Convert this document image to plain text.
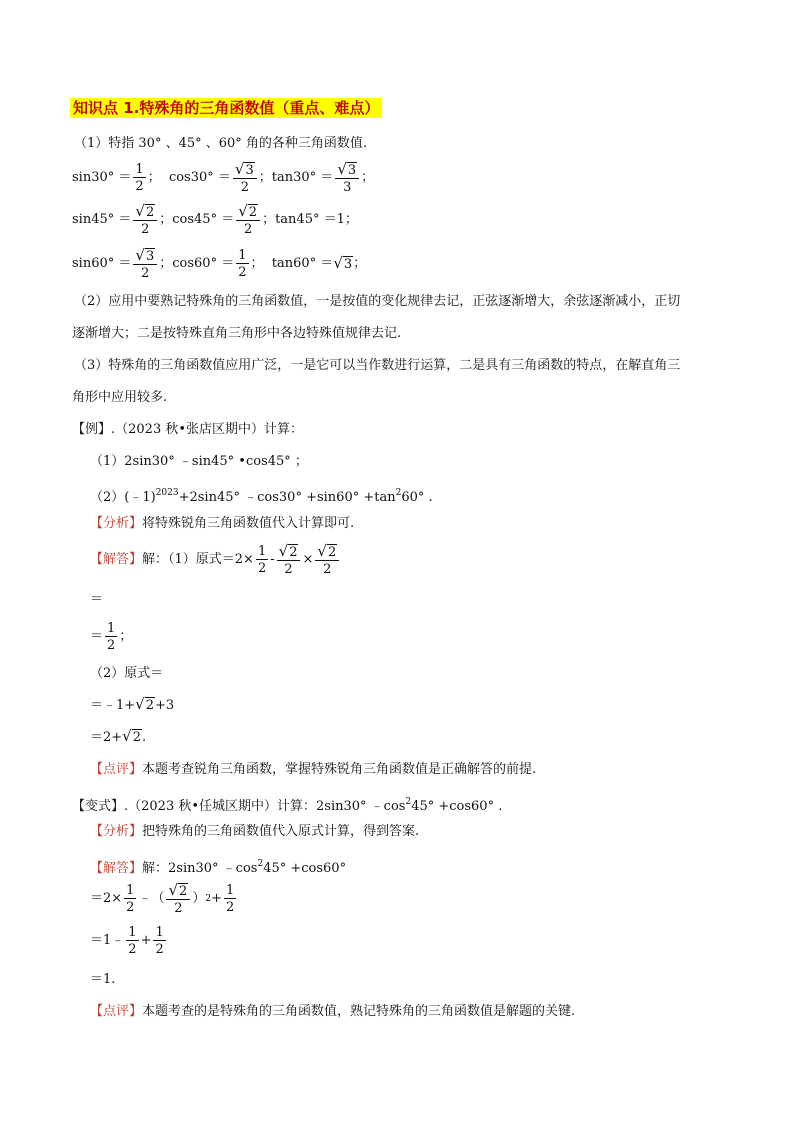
知识点 1.特殊角的三角函数值（重点、难点）
（1）特指 30° 、45° 、60° 角的各种三角函数值.
$\sin 30^\circ = \frac{1}{2}$ ；
$\cos 30^\circ = \frac{√3}{2}$ ； $\tan 30^\circ = \frac{√3}{3}$ ；
$\sin 45^\circ = \frac{√2}{2}$ ； $\cos 45^\circ = \frac{√2}{2}$ ； tan45° ＝1；
$\sin 60^\circ = \frac{√3}{2}$ ； $\cos 60^\circ = \frac{1}{2}$ ；
tan60° ＝ √3 ；
（2）应用中要熟记特殊角的三角函数值，一是按值的变化规律去记，正弦逐渐增大，余弦逐渐减小，正切
逐渐增大；二是按特殊直角三角形中各边特殊值规律去记.
（3）特殊角的三角函数值应用广泛，一是它可以当作数进行运算，二是具有三角函数的特点，在解直角三
角形中应用较多.
【例】.（2023 秋•张店区期中）计算：
（1）2sin30° ﹣sin45° •cos45° ；
（2）(﹣1)$^{2023}$+2sin45° ﹣cos30° $+\sin 60^\circ +\tan^260^\circ$ .
【分析】将特殊锐角三角函数值代入计算即可.
【解答】 解：（1）原式$=2\times \frac{1}{2} - \frac{√2}{2} \times \frac{√2}{2}$
＝
＝ $\frac{1}{2}$ ；
（2）原式＝
＝﹣1+√2+3
＝2+√2.
【点评】本题考查锐角三角函数，掌握特殊锐角三角函数值是正确解答的前提.
【变式】.（2023 秋•任城区期中）计算：2sin30° $﹣\cos^245^\circ +\cos 60^\circ$ .
【分析】把特殊角的三角函数值代入原式计算，得到答案.
【解答】解：2sin30° $﹣\cos^245^\circ +\cos 60^\circ$
$=2\times \frac{1}{2}$ ﹣（ $\frac{√2}{2}$ ） $2 + \frac{1}{2}$
＝1﹣ $\frac{1}{2} + \frac{1}{2}$
＝1.
【点评】本题考查的是特殊角的三角函数值，熟记特殊角的三角函数值是解题的关键.
